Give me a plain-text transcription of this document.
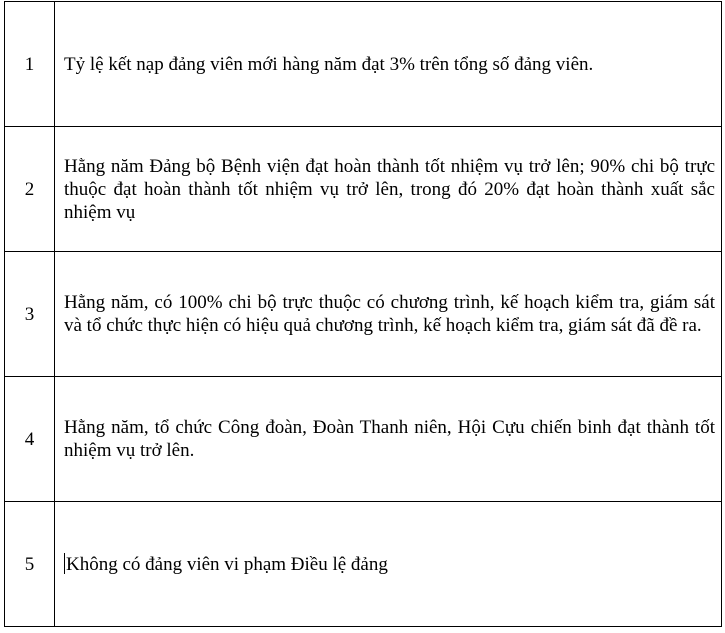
1	Tỷ lệ kết nạp đảng viên mới hàng năm đạt 3% trên tổng số đảng viên.

2	Hằng năm Đảng bộ Bệnh viện đạt hoàn thành tốt nhiệm vụ trở lên; 90% chi bộ trực thuộc đạt hoàn thành tốt nhiệm vụ trở lên, trong đó 20% đạt hoàn thành xuất sắc nhiệm vụ

3	Hằng năm, có 100% chi bộ trực thuộc có chương trình, kế hoạch kiểm tra, giám sát và tổ chức thực hiện có hiệu quả chương trình, kế hoạch kiểm tra, giám sát đã đề ra.

4	Hằng năm, tổ chức Công đoàn, Đoàn Thanh niên, Hội Cựu chiến binh đạt thành tốt nhiệm vụ trở lên.

5	Không có đảng viên vi phạm Điều lệ đảng
